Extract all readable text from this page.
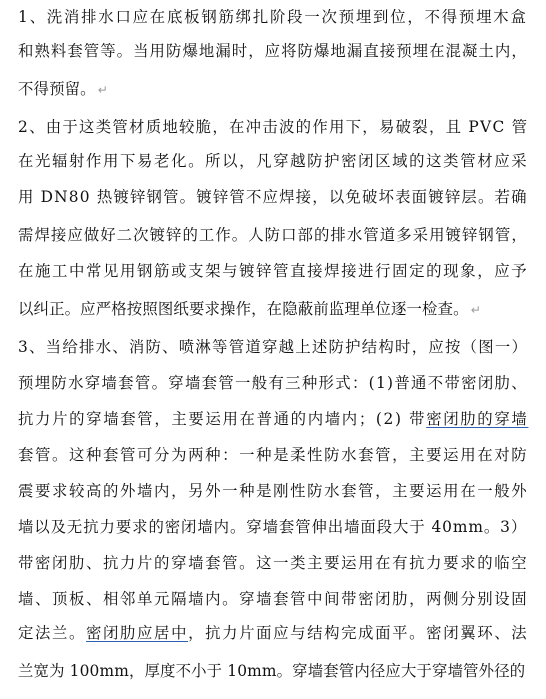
1、洗消排水口应在底板钢筋绑扎阶段一次预埋到位，不得预埋木盒
和熟料套管等。当用防爆地漏时，应将防爆地漏直接预埋在混凝土内，
不得预留。 ↵
2、由于这类管材质地较脆，在冲击波的作用下，易破裂，且 PVC 管
在光辐射作用下易老化。所以，凡穿越防护密闭区域的这类管材应采
用 DN80 热镀锌钢管。镀锌管不应焊接，以免破坏表面镀锌层。若确
需焊接应做好二次镀锌的工作。人防口部的排水管道多采用镀锌钢管，
在施工中常见用钢筋或支架与镀锌管直接焊接进行固定的现象，应予
以纠正。应严格按照图纸要求操作，在隐蔽前监理单位逐一检查。 ↵
3、当给排水、消防、喷淋等管道穿越上述防护结构时，应按（图一）
预埋防水穿墙套管。穿墙套管一般有三种形式：(1)普通不带密闭肋、
抗力片的穿墙套管，主要运用在普通的内墙内；(2) 带密闭肋的穿墙
套管。这种套管可分为两种：一种是柔性防水套管，主要运用在对防
震要求较高的外墙内，另外一种是刚性防水套管，主要运用在一般外
墙以及无抗力要求的密闭墙内。穿墙套管伸出墙面段大于 40mm。3）
带密闭肋、抗力片的穿墙套管。这一类主要运用在有抗力要求的临空
墙、顶板、相邻单元隔墙内。穿墙套管中间带密闭肋，两侧分别设固
定法兰。密闭肋应居中，抗力片面应与结构完成面平。密闭翼环、法
兰宽为 100mm，厚度不小于 10mm。穿墙套管内径应大于穿墙管外径的
